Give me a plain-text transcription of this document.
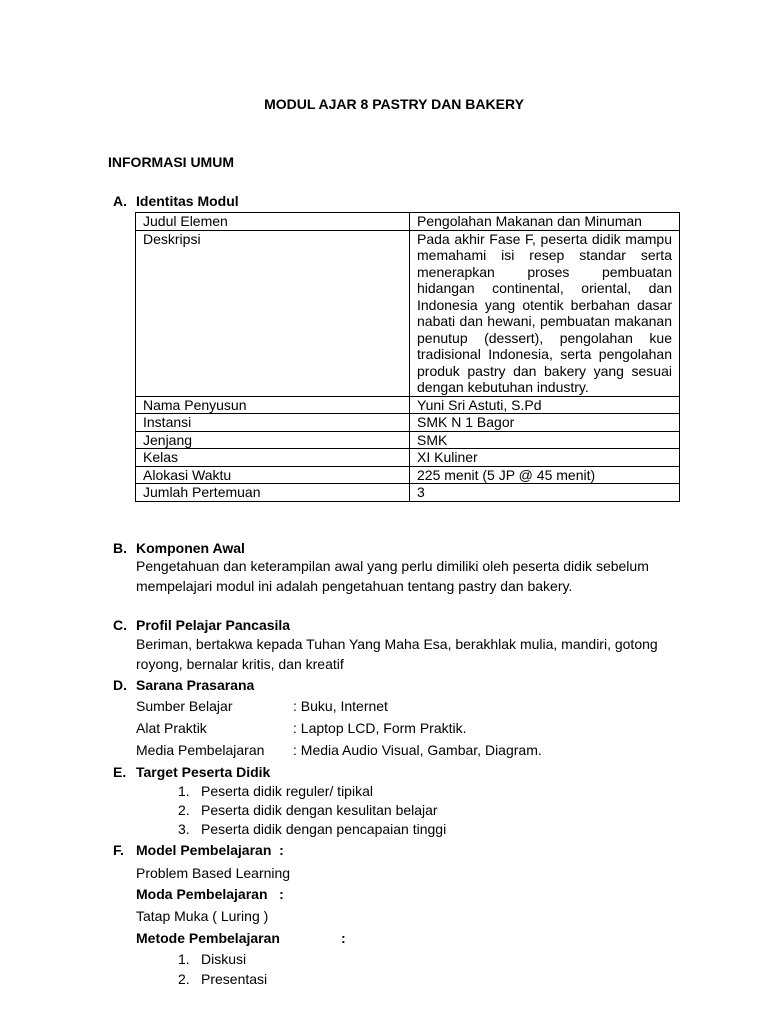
MODUL AJAR 8 PASTRY DAN BAKERY
INFORMASI UMUM
A. Identitas Modul
Judul Elemen	Pengolahan Makanan dan Minuman
Deskripsi	Pada akhir Fase F, peserta didik mampu memahami isi resep standar serta menerapkan proses pembuatan hidangan continental, oriental, dan Indonesia yang otentik berbahan dasar nabati dan hewani, pembuatan makanan penutup (dessert), pengolahan kue tradisional Indonesia, serta pengolahan produk pastry dan bakery yang sesuai dengan kebutuhan industry.
Nama Penyusun	Yuni Sri Astuti, S.Pd
Instansi	SMK N 1 Bagor
Jenjang	SMK
Kelas	XI Kuliner
Alokasi Waktu	225 menit (5 JP @ 45 menit)
Jumlah Pertemuan	3
B. Komponen Awal
Pengetahuan dan keterampilan awal yang perlu dimiliki oleh peserta didik sebelum mempelajari modul ini adalah pengetahuan tentang pastry dan bakery.
C. Profil Pelajar Pancasila
Beriman, bertakwa kepada Tuhan Yang Maha Esa, berakhlak mulia, mandiri, gotong royong, bernalar kritis, dan kreatif
D. Sarana Prasarana
Sumber Belajar	: Buku, Internet
Alat Praktik	: Laptop LCD, Form Praktik.
Media Pembelajaran : Media Audio Visual, Gambar, Diagram.
E. Target Peserta Didik
1. Peserta didik reguler/ tipikal
2. Peserta didik dengan kesulitan belajar
3. Peserta didik dengan pencapaian tinggi
F. Model Pembelajaran  :
Problem Based Learning
Moda Pembelajaran   :
Tatap Muka ( Luring )
Metode Pembelajaran	:
1. Diskusi
2. Presentasi
